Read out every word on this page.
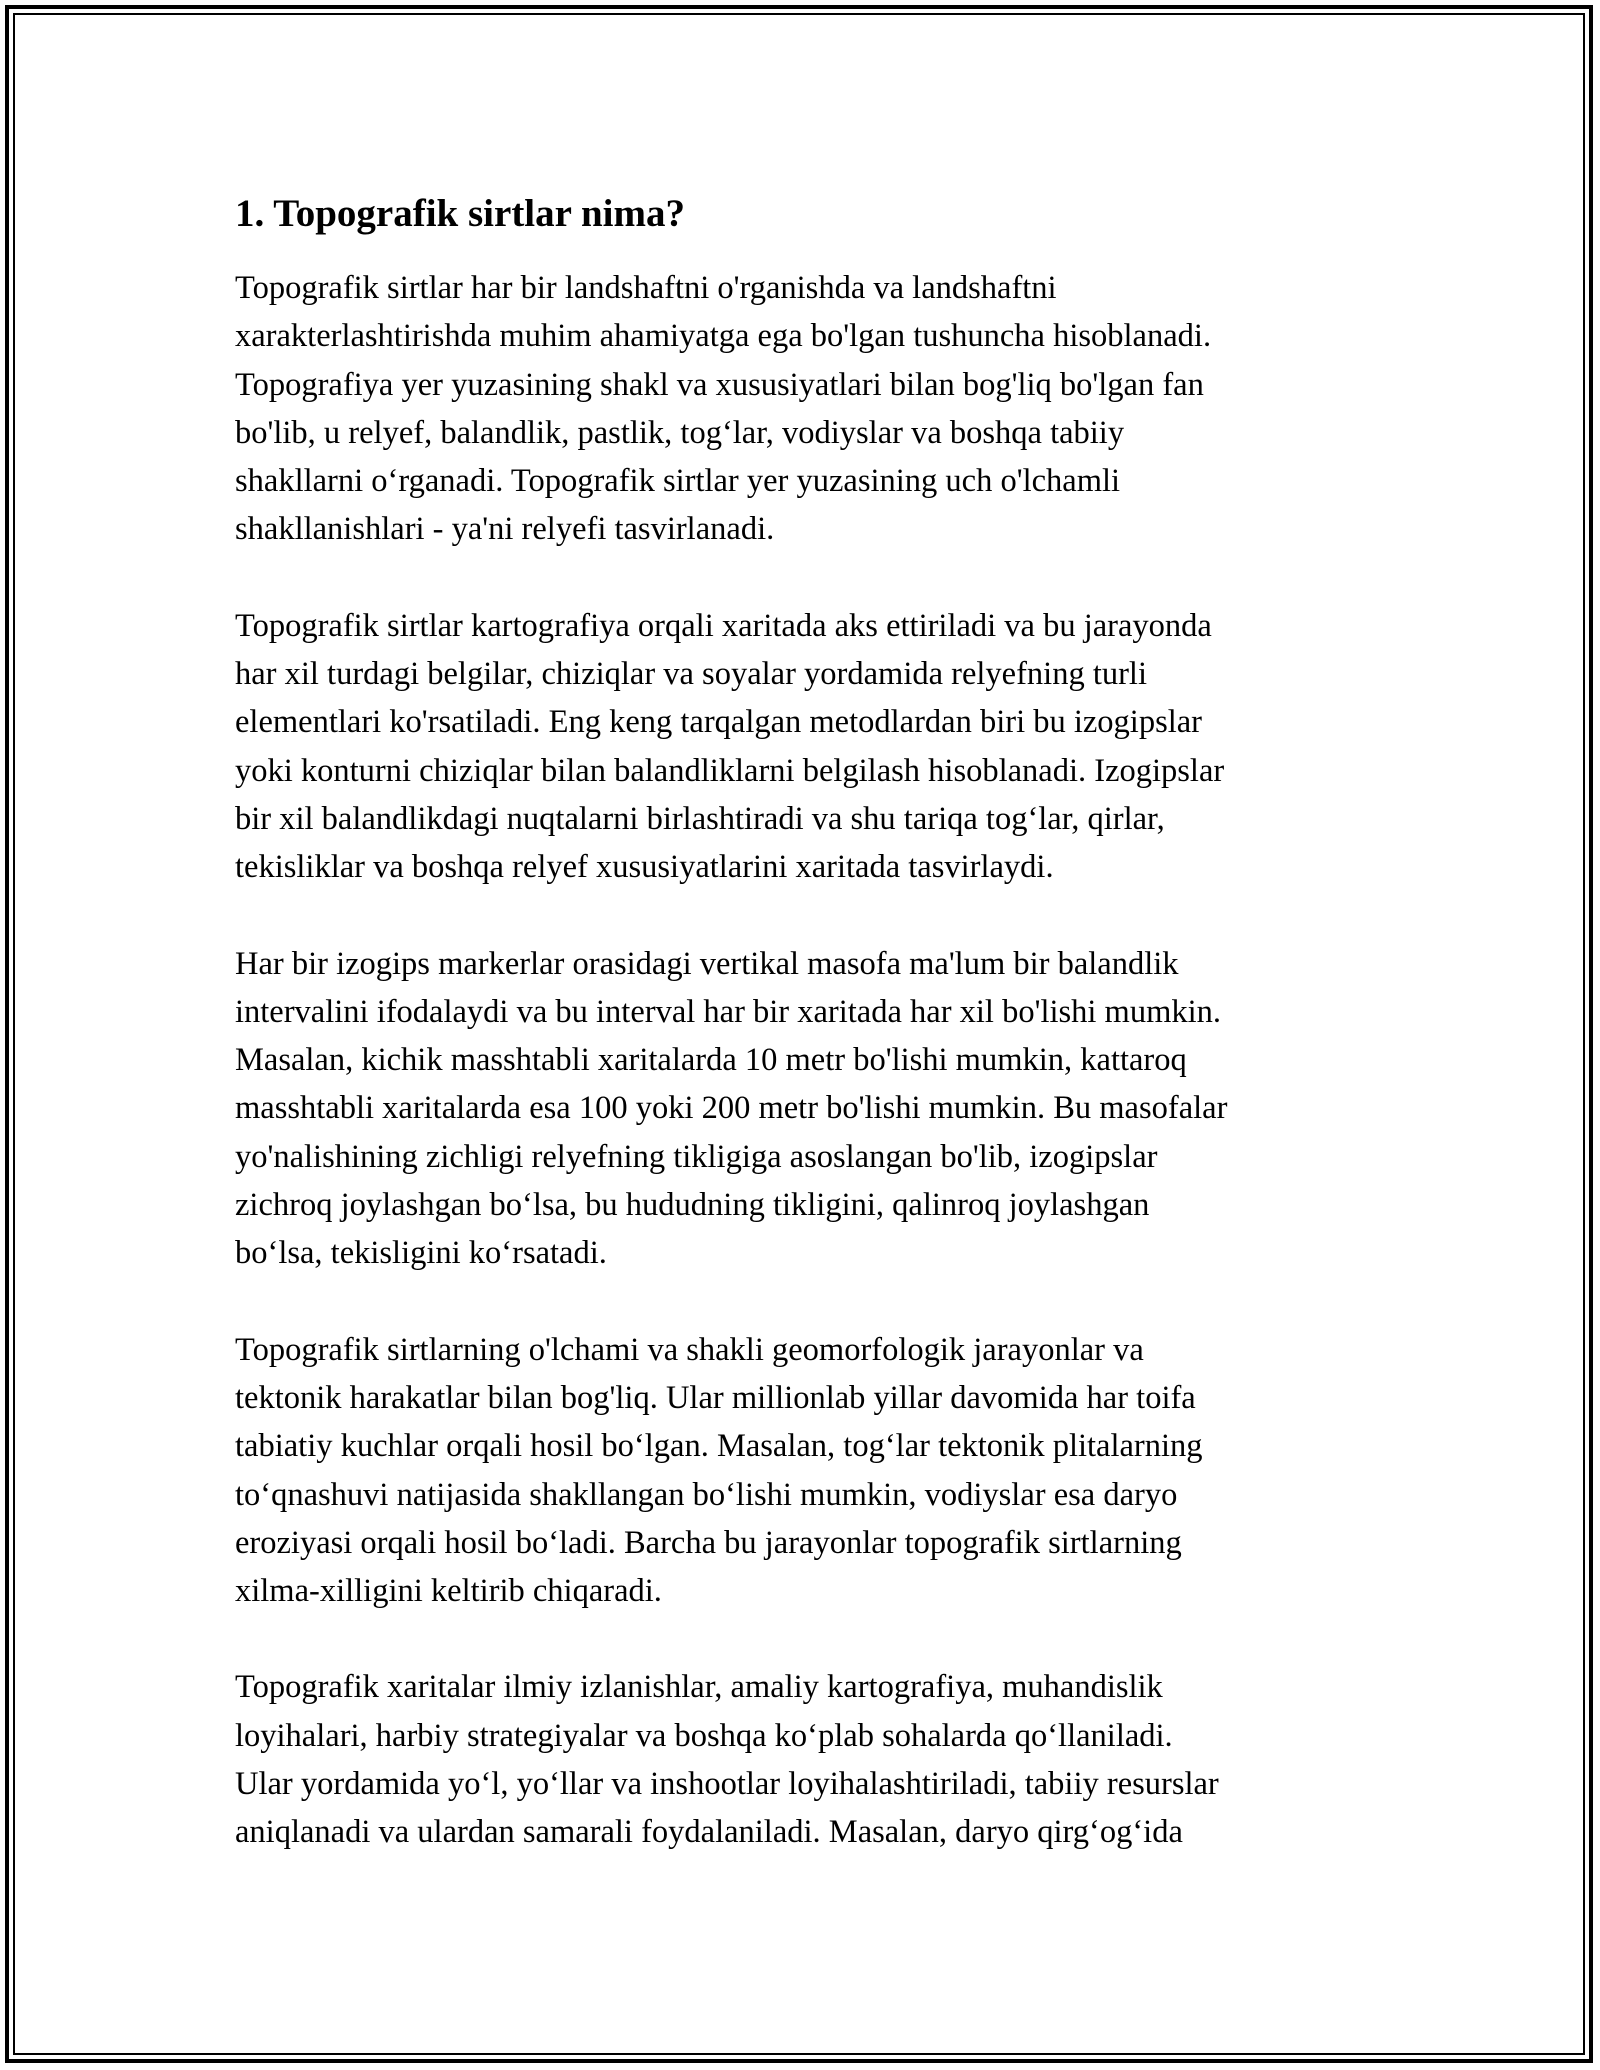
1. Topografik sirtlar nima?

Topografik sirtlar har bir landshaftni o'rganishda va landshaftni
xarakterlashtirishda muhim ahamiyatga ega bo'lgan tushuncha hisoblanadi.
Topografiya yer yuzasining shakl va xususiyatlari bilan bog'liq bo'lgan fan
bo'lib, u relyef, balandlik, pastlik, tog‘lar, vodiyslar va boshqa tabiiy
shakllarni o‘rganadi. Topografik sirtlar yer yuzasining uch o'lchamli
shakllanishlari - ya'ni relyefi tasvirlanadi.

Topografik sirtlar kartografiya orqali xaritada aks ettiriladi va bu jarayonda
har xil turdagi belgilar, chiziqlar va soyalar yordamida relyefning turli
elementlari ko'rsatiladi. Eng keng tarqalgan metodlardan biri bu izogipslar
yoki konturni chiziqlar bilan balandliklarni belgilash hisoblanadi. Izogipslar
bir xil balandlikdagi nuqtalarni birlashtiradi va shu tariqa tog‘lar, qirlar,
tekisliklar va boshqa relyef xususiyatlarini xaritada tasvirlaydi.

Har bir izogips markerlar orasidagi vertikal masofa ma'lum bir balandlik
intervalini ifodalaydi va bu interval har bir xaritada har xil bo'lishi mumkin.
Masalan, kichik masshtabli xaritalarda 10 metr bo'lishi mumkin, kattaroq
masshtabli xaritalarda esa 100 yoki 200 metr bo'lishi mumkin. Bu masofalar
yo'nalishining zichligi relyefning tikligiga asoslangan bo'lib, izogipslar
zichroq joylashgan bo‘lsa, bu hududning tikligini, qalinroq joylashgan
bo‘lsa, tekisligini ko‘rsatadi.

Topografik sirtlarning o'lchami va shakli geomorfologik jarayonlar va
tektonik harakatlar bilan bog'liq. Ular millionlab yillar davomida har toifa
tabiatiy kuchlar orqali hosil bo‘lgan. Masalan, tog‘lar tektonik plitalarning
to‘qnashuvi natijasida shakllangan bo‘lishi mumkin, vodiyslar esa daryo
eroziyasi orqali hosil bo‘ladi. Barcha bu jarayonlar topografik sirtlarning
xilma-xilligini keltirib chiqaradi.

Topografik xaritalar ilmiy izlanishlar, amaliy kartografiya, muhandislik
loyihalari, harbiy strategiyalar va boshqa ko‘plab sohalarda qo‘llaniladi.
Ular yordamida yo‘l, yo‘llar va inshootlar loyihalashtiriladi, tabiiy resurslar
aniqlanadi va ulardan samarali foydalaniladi. Masalan, daryo qirg‘og‘ida
